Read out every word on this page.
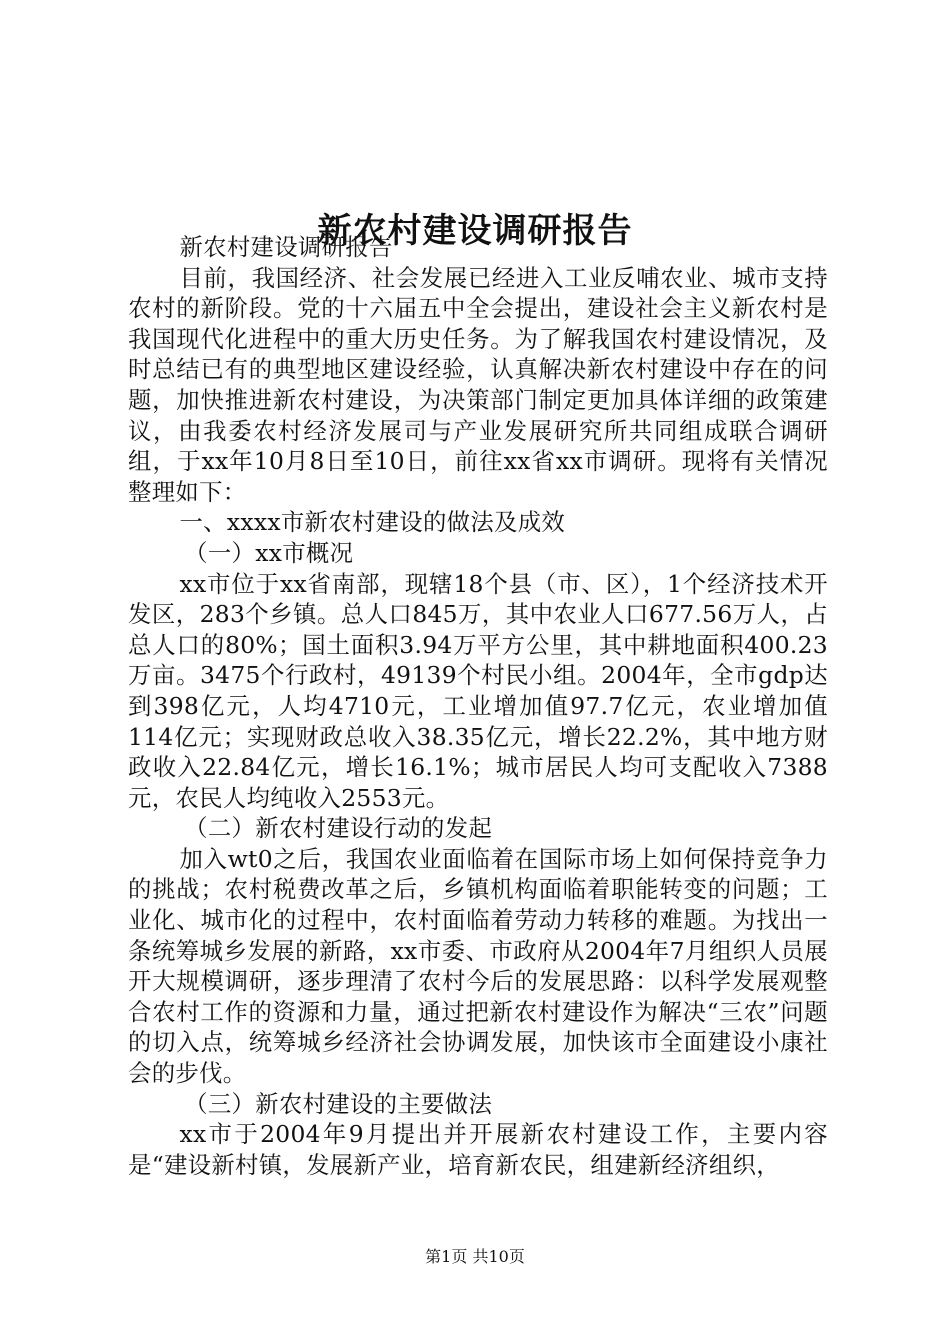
新农村建设调研报告

新农村建设调研报告

目前，我国经济、社会发展已经进入工业反哺农业、城市支持农村的新阶段。党的十六届五中全会提出，建设社会主义新农村是我国现代化进程中的重大历史任务。为了解我国农村建设情况，及时总结已有的典型地区建设经验，认真解决新农村建设中存在的问题，加快推进新农村建设，为决策部门制定更加具体详细的政策建议，由我委农村经济发展司与产业发展研究所共同组成联合调研组，于xx年10月8日至10日，前往xx省xx市调研。现将有关情况整理如下：

一、xxxx市新农村建设的做法及成效

（一）xx市概况

xx市位于xx省南部，现辖18个县（市、区），1个经济技术开发区，283个乡镇。总人口845万，其中农业人口677.56万人，占总人口的80%；国土面积3.94万平方公里，其中耕地面积400.23万亩。3475个行政村，49139个村民小组。2004年，全市gdp达到398亿元，人均4710元，工业增加值97.7亿元，农业增加值114亿元；实现财政总收入38.35亿元，增长22.2%，其中地方财政收入22.84亿元，增长16.1%；城市居民人均可支配收入7388元，农民人均纯收入2553元。

（二）新农村建设行动的发起

加入wt0之后，我国农业面临着在国际市场上如何保持竞争力的挑战；农村税费改革之后，乡镇机构面临着职能转变的问题；工业化、城市化的过程中，农村面临着劳动力转移的难题。为找出一条统筹城乡发展的新路，xx市委、市政府从2004年7月组织人员展开大规模调研，逐步理清了农村今后的发展思路：以科学发展观整合农村工作的资源和力量，通过把新农村建设作为解决“三农”问题的切入点，统筹城乡经济社会协调发展，加快该市全面建设小康社会的步伐。

（三）新农村建设的主要做法

xx市于2004年9月提出并开展新农村建设工作，主要内容是“建设新村镇，发展新产业，培育新农民，组建新经济组织，

第1页 共10页
